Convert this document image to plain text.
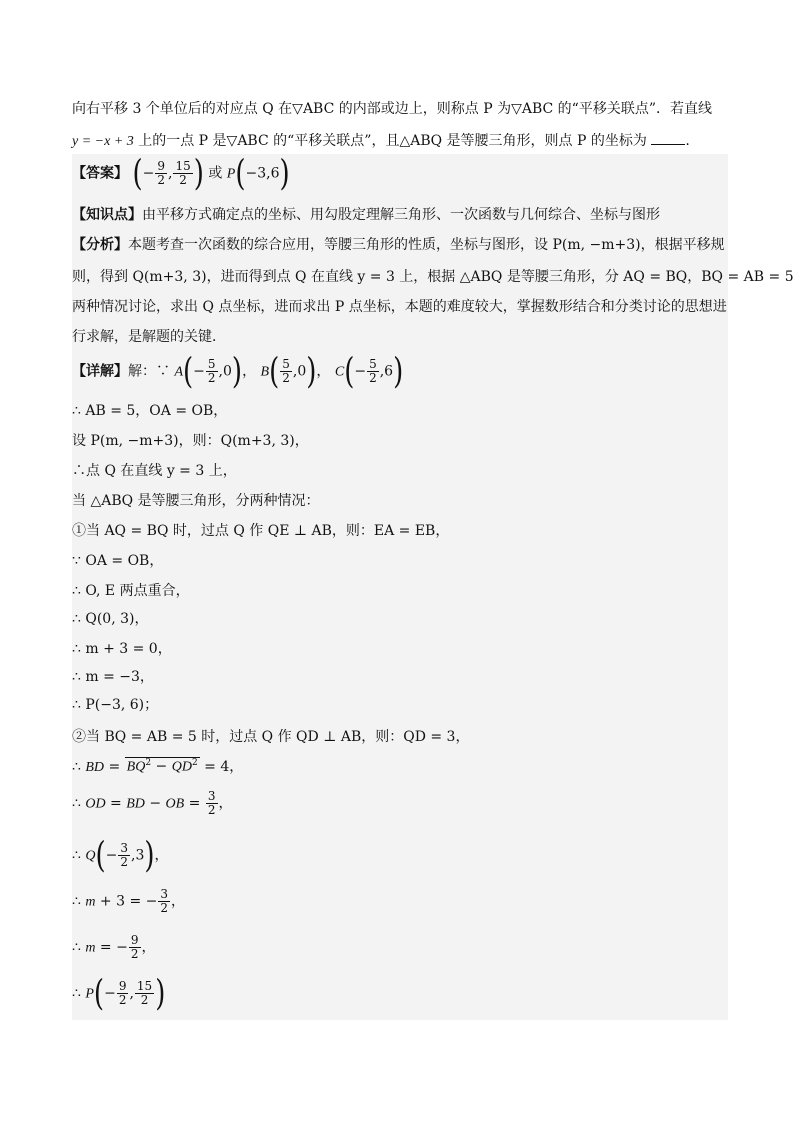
向右平移 3 个单位后的对应点 Q 在▽ABC 的内部或边上，则称点 P 为▽ABC 的“平移关联点”．若直线
y = −x + 3 上的一点 P 是▽ABC 的“平移关联点”，且△ABQ 是等腰三角形，则点 P 的坐标为 .
【答案】 (− $\frac{9}{2}$ , $\frac{15}{2}$ ) 或 P(−3,6)
【知识点】由平移方式确定点的坐标、用勾股定理解三角形、一次函数与几何综合、坐标与图形
【分析】本题考查一次函数的综合应用，等腰三角形的性质，坐标与图形，设 P(m, −m+3)，根据平移规
则，得到 Q(m+3, 3)，进而得到点 Q 在直线 y = 3 上，根据 △ABQ 是等腰三角形，分 AQ = BQ，BQ = AB = 5
两种情况讨论，求出 Q 点坐标，进而求出 P 点坐标，本题的难度较大，掌握数形结合和分类讨论的思想进
行求解，是解题的关键．
【详解】解：∵ $A(- \frac{5}{2} ,0)$， $B( \frac{5}{2} ,0)$， $C(- \frac{5}{2} ,6)$
∴ AB = 5，OA = OB，
设 P(m, −m+3)，则：Q(m+3, 3)，
∴点 Q 在直线 y = 3 上，
当 △ABQ 是等腰三角形，分两种情况：
①当 AQ = BQ 时，过点 Q 作 QE ⊥ AB，则：EA = EB，
∵ OA = OB，
∴ O, E 两点重合，
∴ Q(0, 3)，
∴ m + 3 = 0，
∴ m = −3，
∴ P(−3, 6)；
②当 BQ = AB = 5 时，过点 Q 作 QD ⊥ AB，则：QD = 3，
∴ BD = $BQ^2 - QD^2 = 4$，
∴ OD = BD − OB = $\frac{3}{2}$ ，
∴ $Q(- \frac{3}{2} ,3)$，
∴ m + 3 = − $\frac{3}{2}$ ，
∴ m = − $\frac{9}{2}$ ，
∴ $P(- \frac{9}{2}$ , $\frac{15}{2}$ )
